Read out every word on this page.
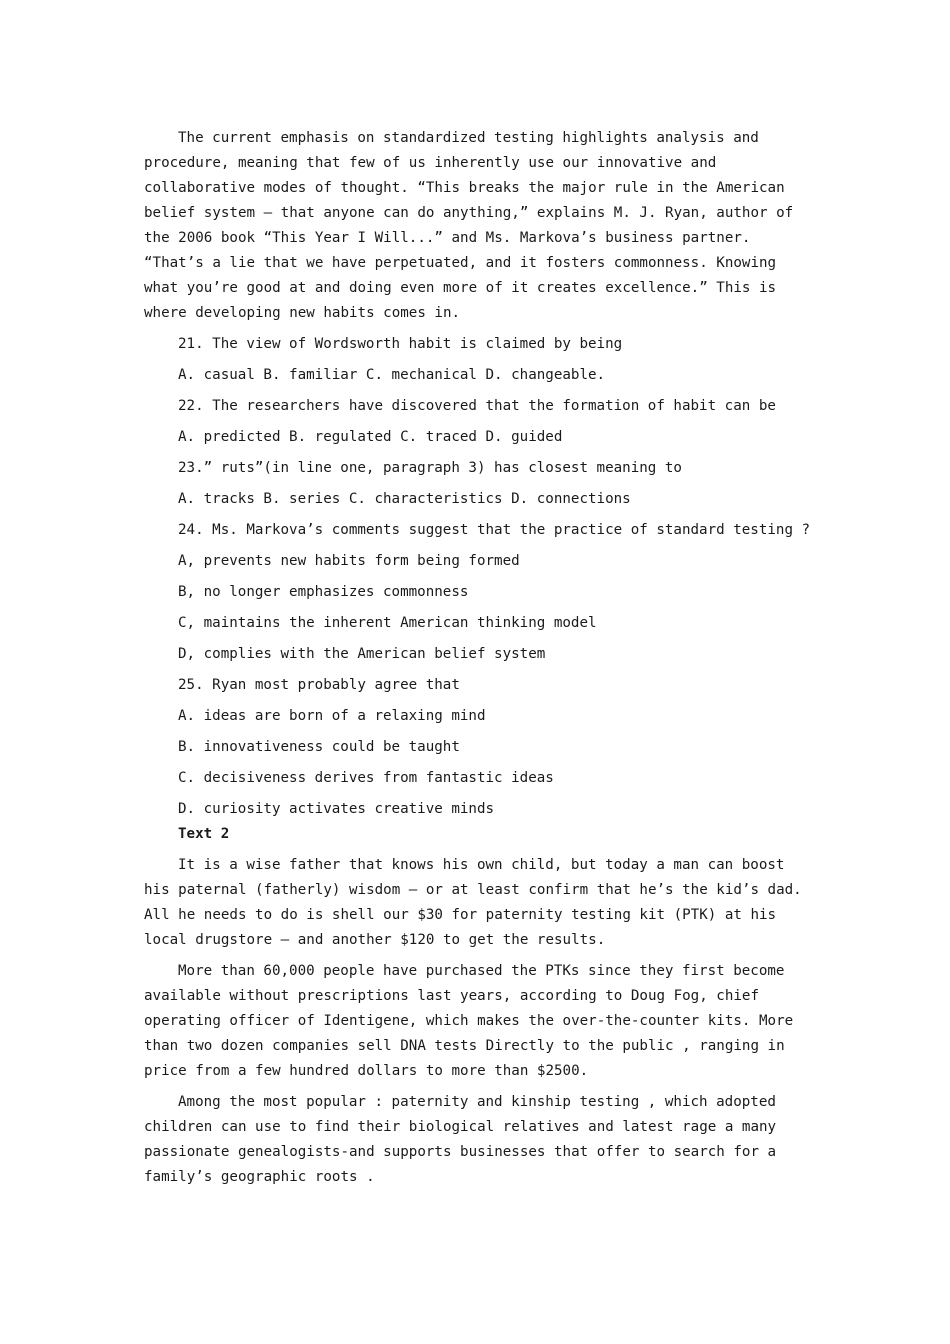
The current emphasis on standardized testing highlights analysis and procedure, meaning that few of us inherently use our innovative and collaborative modes of thought. “This breaks the major rule in the American belief system — that anyone can do anything,” explains M. J. Ryan, author of the 2006 book “This Year I Will...” and Ms. Markova’s business partner. “That’s a lie that we have perpetuated, and it fosters commonness. Knowing what you’re good at and doing even more of it creates excellence.” This is where developing new habits comes in.

21. The view of Wordsworth habit is claimed by being
A. casual B. familiar C. mechanical D. changeable.
22. The researchers have discovered that the formation of habit can be
A. predicted B. regulated C. traced D. guided
23.” ruts”(in line one, paragraph 3) has closest meaning to
A. tracks B. series C. characteristics D. connections
24. Ms. Markova’s comments suggest that the practice of standard testing ?
A, prevents new habits form being formed
B, no longer emphasizes commonness
C, maintains the inherent American thinking model
D, complies with the American belief system
25. Ryan most probably agree that
A. ideas are born of a relaxing mind
B. innovativeness could be taught
C. decisiveness derives from fantastic ideas
D. curiosity activates creative minds
Text 2

It is a wise father that knows his own child, but today a man can boost his paternal (fatherly) wisdom – or at least confirm that he’s the kid’s dad. All he needs to do is shell our $30 for paternity testing kit (PTK) at his local drugstore – and another $120 to get the results.

More than 60,000 people have purchased the PTKs since they first become available without prescriptions last years, according to Doug Fog, chief operating officer of Identigene, which makes the over-the-counter kits. More than two dozen companies sell DNA tests Directly to the public , ranging in price from a few hundred dollars to more than $2500.

Among the most popular : paternity and kinship testing , which adopted children can use to find their biological relatives and latest rage a many passionate genealogists-and supports businesses that offer to search for a family’s geographic roots .
